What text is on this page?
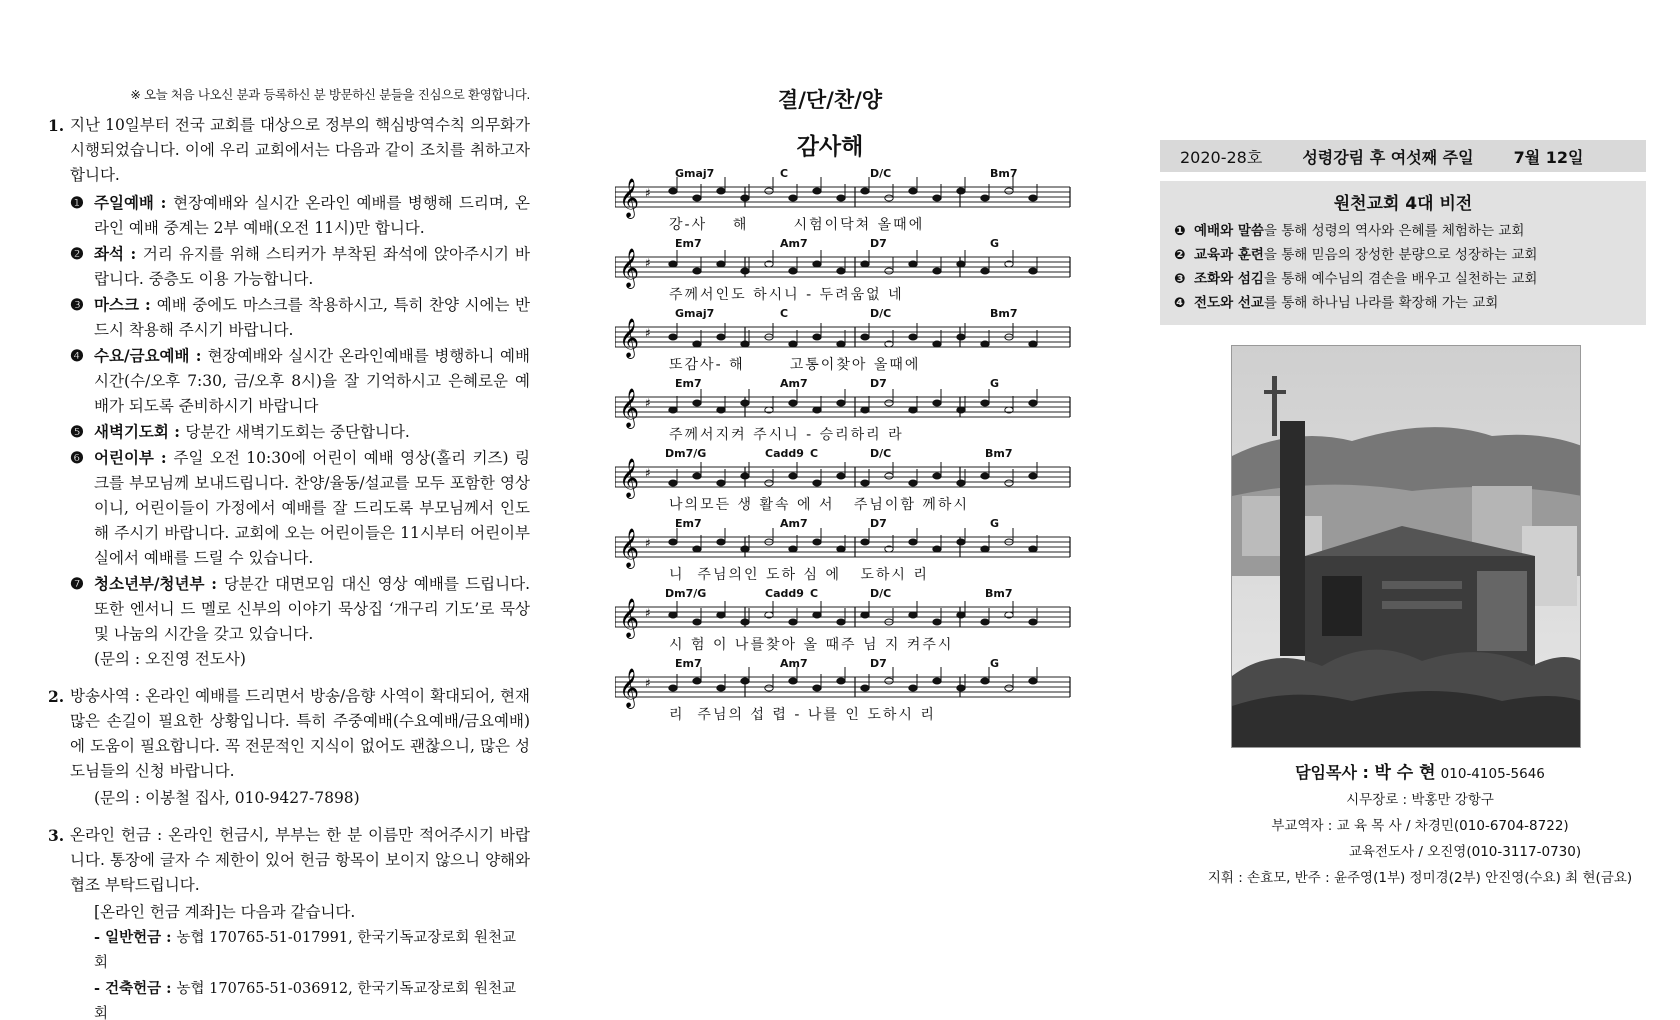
※ 오늘 처음 나오신 분과 등록하신 분 방문하신 분들을 진심으로 환영합니다.
1. 지난 10일부터 전국 교회를 대상으로 정부의 핵심방역수칙 의무화가 시행되었습니다. 이에 우리 교회에서는 다음과 같이 조치를 취하고자 합니다.
❶ 주일예배 : 현장예배와 실시간 온라인 예배를 병행해 드리며, 온라인 예배 중계는 2부 예배(오전 11시)만 합니다.
❷ 좌석 : 거리 유지를 위해 스티커가 부착된 좌석에 앉아주시기 바랍니다. 중층도 이용 가능합니다.
❸ 마스크 : 예배 중에도 마스크를 착용하시고, 특히 찬양 시에는 반드시 착용해 주시기 바랍니다.
❹ 수요/금요예배 : 현장예배와 실시간 온라인예배를 병행하니 예배 시간(수/오후 7:30, 금/오후 8시)을 잘 기억하시고 은혜로운 예배가 되도록 준비하시기 바랍니다
❺ 새벽기도회 : 당분간 새벽기도회는 중단합니다.
❻ 어린이부 : 주일 오전 10:30에 어린이 예배 영상(홀리 키즈) 링크를 부모님께 보내드립니다. 찬양/율동/설교를 모두 포함한 영상이니, 어린이들이 가정에서 예배를 잘 드리도록 부모님께서 인도해 주시기 바랍니다. 교회에 오는 어린이들은 11시부터 어린이부실에서 예배를 드릴 수 있습니다.
❼ 청소년부/청년부 : 당분간 대면모임 대신 영상 예배를 드립니다. 또한 엔서니 드 멜로 신부의 이야기 묵상집 ‘개구리 기도’로 묵상 및 나눔의 시간을 갖고 있습니다.
(문의 : 오진영 전도사)
2. 방송사역 : 온라인 예배를 드리면서 방송/음향 사역이 확대되어, 현재 많은 손길이 필요한 상황입니다. 특히 주중예배(수요예배/금요예배)에 도움이 필요합니다. 꼭 전문적인 지식이 없어도 괜찮으니, 많은 성도님들의 신청 바랍니다.
(문의 : 이봉철 집사, 010-9427-7898)
3. 온라인 헌금 : 온라인 헌금시, 부부는 한 분 이름만 적어주시기 바랍니다. 통장에 글자 수 제한이 있어 헌금 항목이 보이지 않으니 양해와 협조 부탁드립니다.
[온라인 헌금 계좌]는 다음과 같습니다.
- 일반헌금 : 농협 170765-51-017991, 한국기독교장로회 원천교회
- 건축헌금 : 농협 170765-51-036912, 한국기독교장로회 원천교회
결/단/찬/양
감사해
𝄞 ♯
Gmaj7	C	D/C	Bm7
강-사    해       시험이닥쳐 올때에
𝄞 ♯
Em7	Am7	D7	G
주께서인도 하시니 - 두려움없 네
𝄞 ♯
Gmaj7	C	D/C	Bm7
또감사- 해       고통이찾아 올때에
𝄞 ♯
Em7	Am7	D7	G
주께서지켜 주시니 - 승리하리 라
𝄞 ♯
Dm7/G	Cadd9 C	D/C	Bm7
나의모든 생 활속 에 서   주님이함 께하시
𝄞 ♯
Em7	Am7	D7	G
니  주님의인 도하 심 에   도하시 리
𝄞 ♯
Dm7/G	Cadd9 C	D/C	Bm7
시 험 이 나를찾아 올 때주 님 지 켜주시
𝄞 ♯
Em7	Am7	D7	G
리  주님의 섭 렵 - 나를 인 도하시 리
2020-28호	성령강림 후 여섯째 주일	7월 12일
원천교회 4대 비전
❶ 예배와 말씀을 통해 성령의 역사와 은혜를 체험하는 교회
❷ 교육과 훈련을 통해 믿음의 장성한 분량으로 성장하는 교회
❸ 조화와 섬김을 통해 예수님의 겸손을 배우고 실천하는 교회
❹ 전도와 선교를 통해 하나님 나라를 확장해 가는 교회
담임목사 : 박 수 현 010-4105-5646
시무장로 : 박홍만 강항구
부교역자 : 교 육 목 사 / 차경민(010-6704-8722)
교육전도사 / 오진영(010-3117-0730)
지휘 : 손효모, 반주 : 윤주영(1부) 정미경(2부) 안진영(수요) 최 현(금요)
